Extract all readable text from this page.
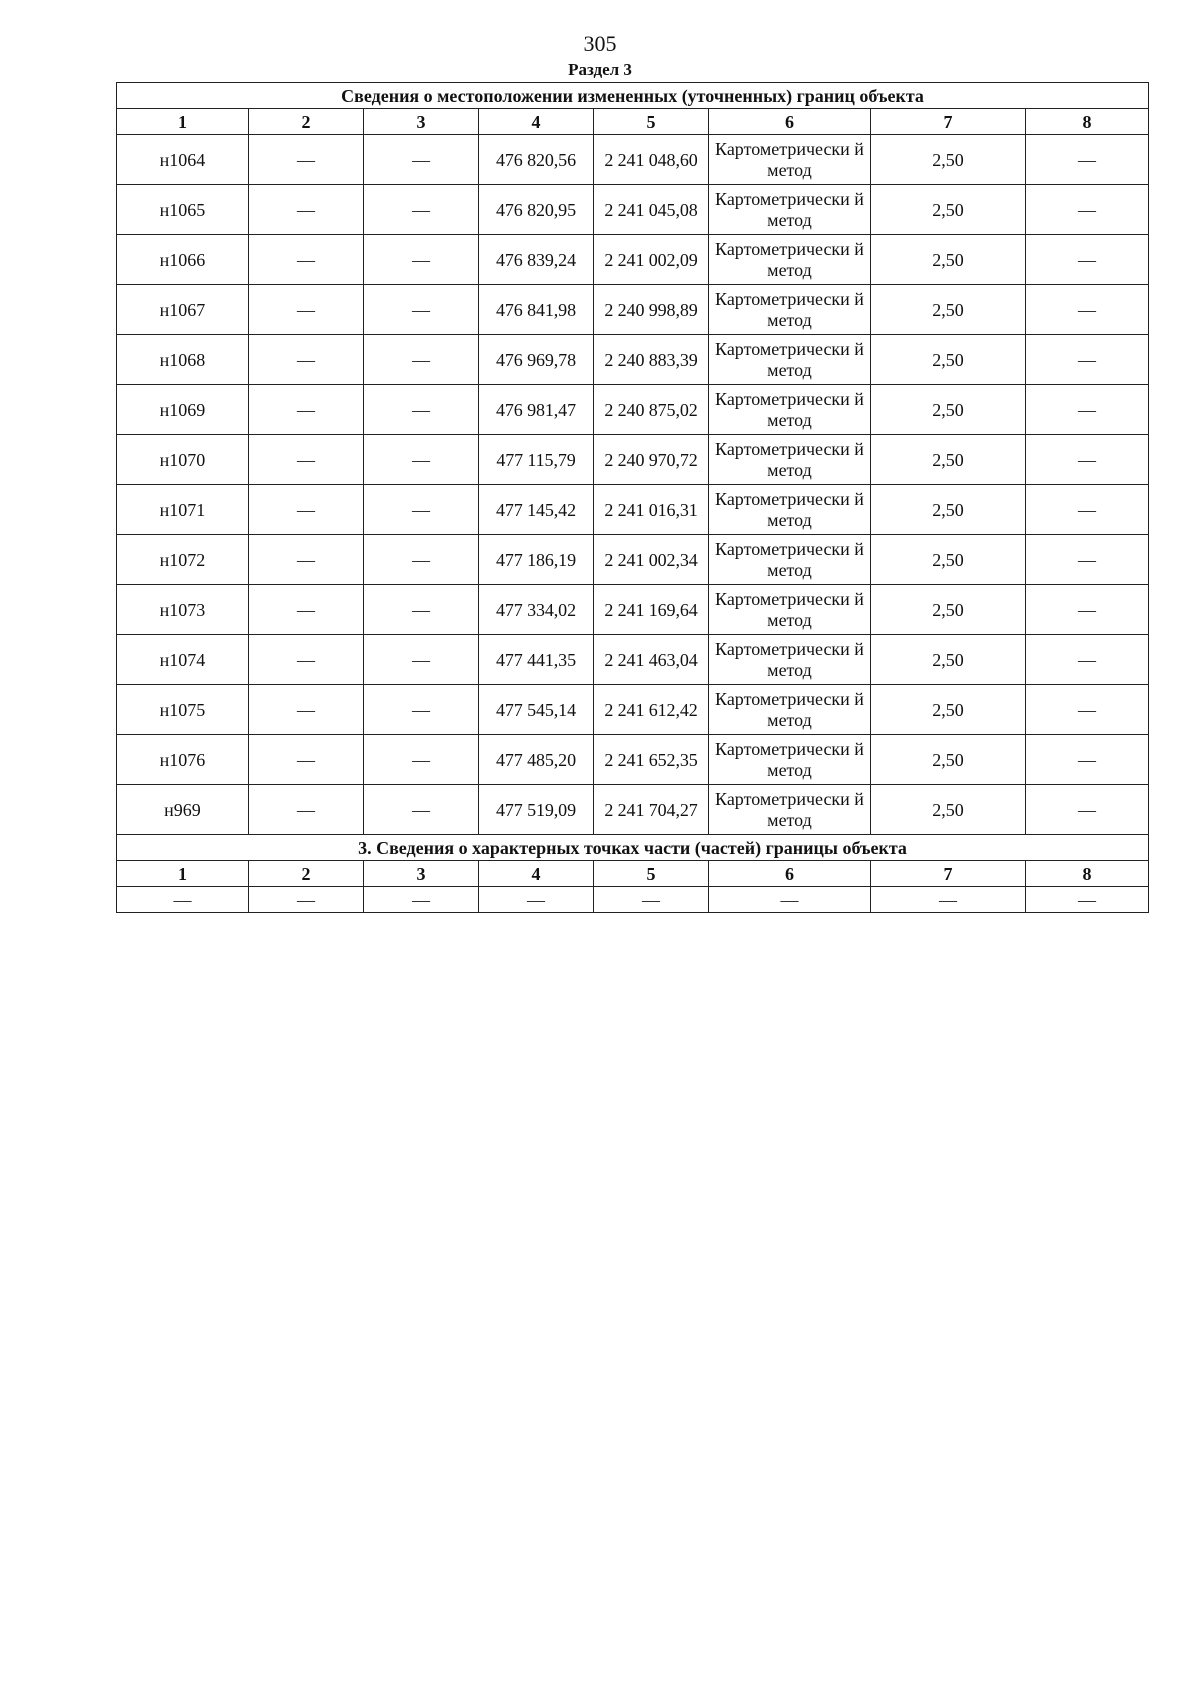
305
Раздел 3
Сведения о местоположении измененных (уточненных) границ объекта							
1	2	3	4	5	6	7	8
н1064	—	—	476 820,56	2 241 048,60	Картометрически й метод	2,50	—
н1065	—	—	476 820,95	2 241 045,08	Картометрически й метод	2,50	—
н1066	—	—	476 839,24	2 241 002,09	Картометрически й метод	2,50	—
н1067	—	—	476 841,98	2 240 998,89	Картометрически й метод	2,50	—
н1068	—	—	476 969,78	2 240 883,39	Картометрически й метод	2,50	—
н1069	—	—	476 981,47	2 240 875,02	Картометрически й метод	2,50	—
н1070	—	—	477 115,79	2 240 970,72	Картометрически й метод	2,50	—
н1071	—	—	477 145,42	2 241 016,31	Картометрически й метод	2,50	—
н1072	—	—	477 186,19	2 241 002,34	Картометрически й метод	2,50	—
н1073	—	—	477 334,02	2 241 169,64	Картометрически й метод	2,50	—
н1074	—	—	477 441,35	2 241 463,04	Картометрически й метод	2,50	—
н1075	—	—	477 545,14	2 241 612,42	Картометрически й метод	2,50	—
н1076	—	—	477 485,20	2 241 652,35	Картометрически й метод	2,50	—
н969	—	—	477 519,09	2 241 704,27	Картометрически й метод	2,50	—
3. Сведения о характерных точках части (частей) границы объекта							
1	2	3	4	5	6	7	8
—	—	—	—	—	—	—	—
